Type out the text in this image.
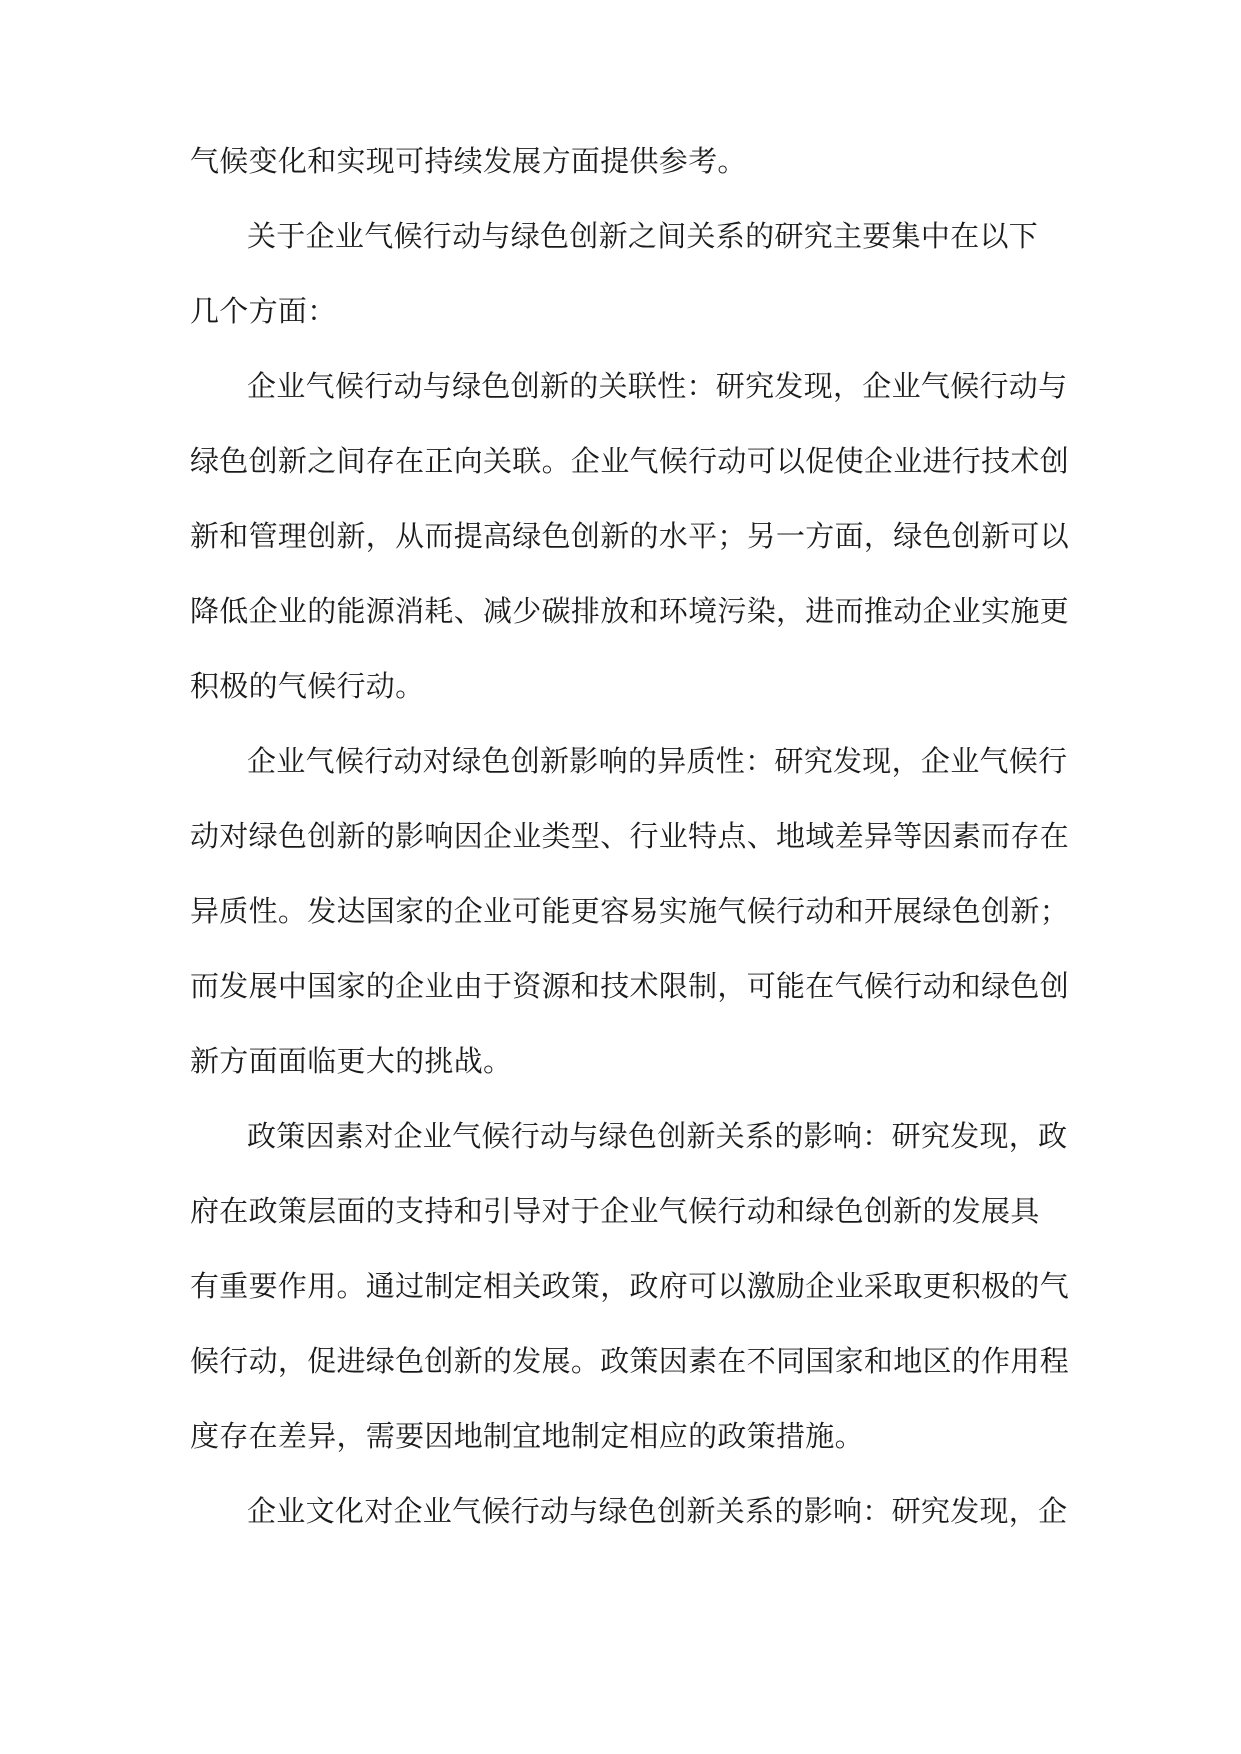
气候变化和实现可持续发展方面提供参考。
关于企业气候行动与绿色创新之间关系的研究主要集中在以下
几个方面：
企业气候行动与绿色创新的关联性：研究发现，企业气候行动与
绿色创新之间存在正向关联。企业气候行动可以促使企业进行技术创
新和管理创新，从而提高绿色创新的水平；另一方面，绿色创新可以
降低企业的能源消耗、减少碳排放和环境污染，进而推动企业实施更
积极的气候行动。
企业气候行动对绿色创新影响的异质性：研究发现，企业气候行
动对绿色创新的影响因企业类型、行业特点、地域差异等因素而存在
异质性。发达国家的企业可能更容易实施气候行动和开展绿色创新；
而发展中国家的企业由于资源和技术限制，可能在气候行动和绿色创
新方面面临更大的挑战。
政策因素对企业气候行动与绿色创新关系的影响：研究发现，政
府在政策层面的支持和引导对于企业气候行动和绿色创新的发展具
有重要作用。通过制定相关政策，政府可以激励企业采取更积极的气
候行动，促进绿色创新的发展。政策因素在不同国家和地区的作用程
度存在差异，需要因地制宜地制定相应的政策措施。
企业文化对企业气候行动与绿色创新关系的影响：研究发现，企
